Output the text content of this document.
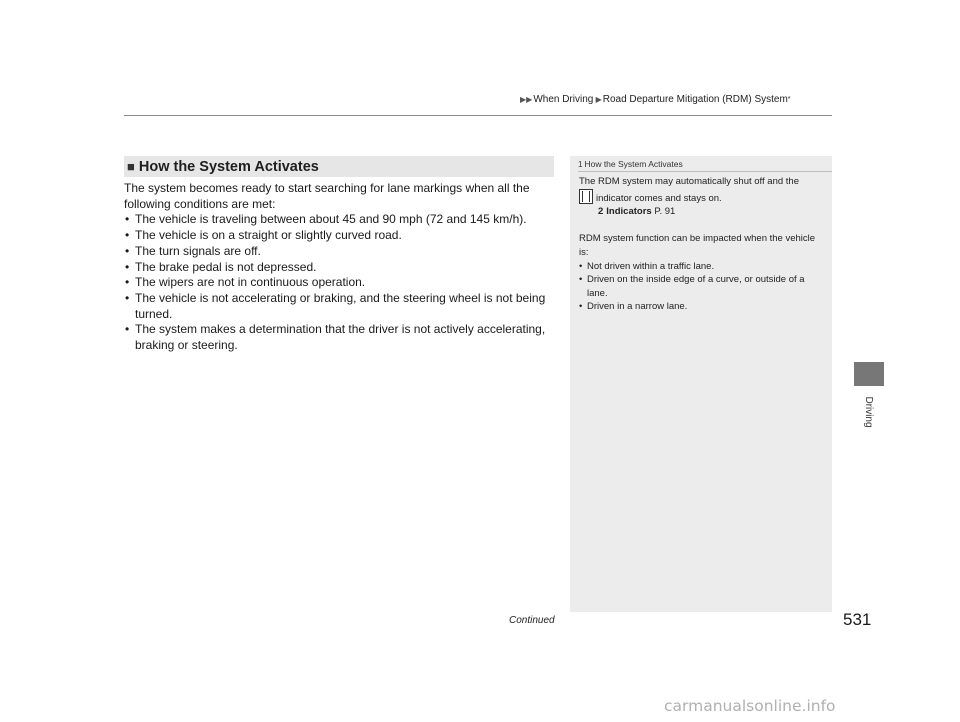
▶▶ When Driving ▶ Road Departure Mitigation (RDM) System *
■ How the System Activates

The system becomes ready to start searching for lane markings when all the following conditions are met:

• The vehicle is traveling between about 45 and 90 mph (72 and 145 km/h).
• The vehicle is on a straight or slightly curved road.
• The turn signals are off.
• The brake pedal is not depressed.
• The wipers are not in continuous operation.
• The vehicle is not accelerating or braking, and the steering wheel is not being turned.
• The system makes a determination that the driver is not actively accelerating, braking or steering.
1 How the System Activates

The RDM system may automatically shut off and the

indicator comes and stays on.

2 Indicators P. 91

RDM system function can be impacted when the vehicle is:

• Not driven within a traffic lane.
• Driven on the inside edge of a curve, or outside of a lane.
• Driven in a narrow lane.
Driving
Continued	531
carmanualsonline.info
